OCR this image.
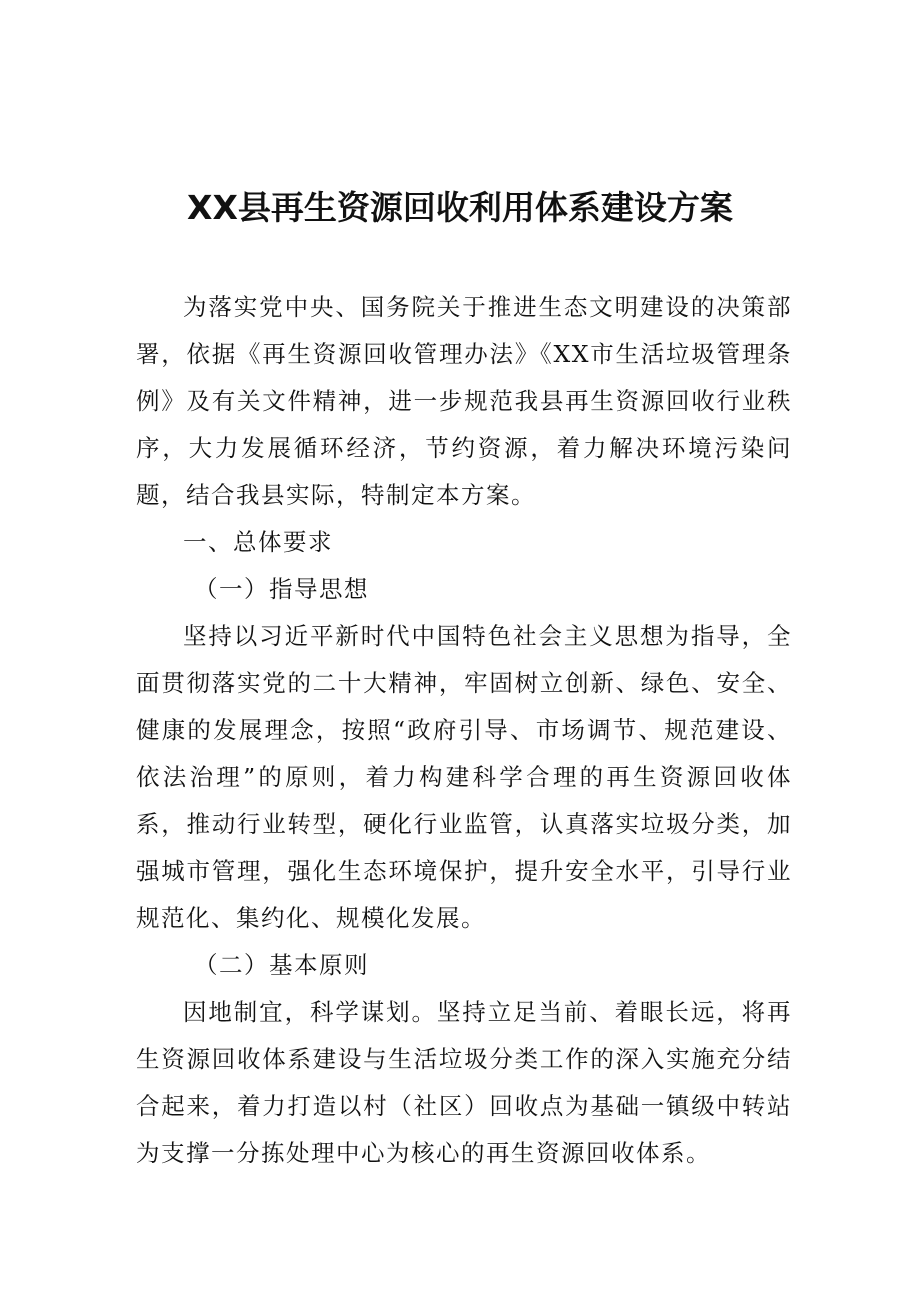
XX县再生资源回收利用体系建设方案

为落实党中央、国务院关于推进生态文明建设的决策部署，依据《再生资源回收管理办法》《XX市生活垃圾管理条例》及有关文件精神，进一步规范我县再生资源回收行业秩序，大力发展循环经济，节约资源，着力解决环境污染问题，结合我县实际，特制定本方案。

一、总体要求

（一）指导思想

坚持以习近平新时代中国特色社会主义思想为指导，全面贯彻落实党的二十大精神，牢固树立创新、绿色、安全、健康的发展理念，按照“政府引导、市场调节、规范建设、依法治理”的原则，着力构建科学合理的再生资源回收体系，推动行业转型，硬化行业监管，认真落实垃圾分类，加强城市管理，强化生态环境保护，提升安全水平，引导行业规范化、集约化、规模化发展。

（二）基本原则

因地制宜，科学谋划。坚持立足当前、着眼长远，将再生资源回收体系建设与生活垃圾分类工作的深入实施充分结合起来，着力打造以村（社区）回收点为基础一镇级中转站为支撑一分拣处理中心为核心的再生资源回收体系。
